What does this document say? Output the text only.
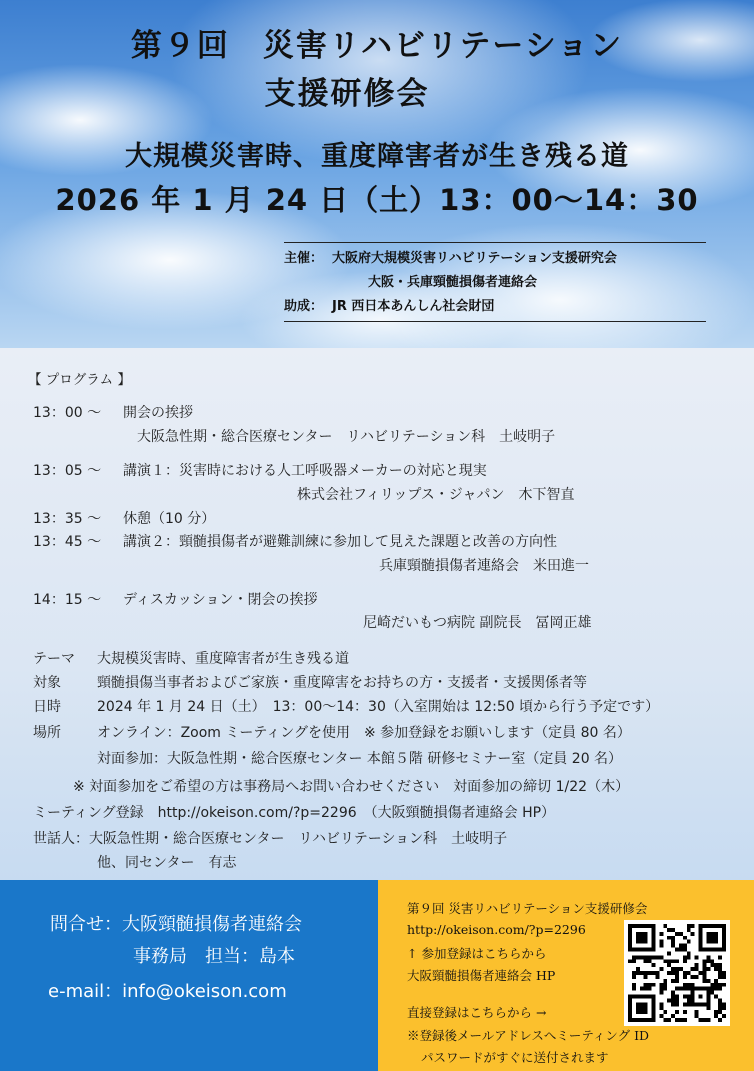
第９回　災害リハビリテーション
支援研修会
大規模災害時、重度障害者が生き残る道
2026 年 1 月 24 日（土）13：00～14：30
主催： 大阪府大規模災害リハビリテーション支援研究会
大阪・兵庫頸髄損傷者連絡会
助成： JR 西日本あんしん社会財団
【 プログラム 】
13：00 ～ 開会の挨拶
大阪急性期・総合医療センター　リハビリテーション科　土岐明子
13：05 ～ 講演１：災害時における人工呼吸器メーカーの対応と現実
株式会社フィリップス・ジャパン　木下智直
13：35 ～ 休憩（10 分）
13：45 ～ 講演２：頸髄損傷者が避難訓練に参加して見えた課題と改善の方向性
兵庫頸髄損傷者連絡会　米田進一
14：15 ～ ディスカッション・閉会の挨拶
尼崎だいもつ病院 副院長　冨岡正雄
テーマ 大規模災害時、重度障害者が生き残る道
対象	頸髄損傷当事者およびご家族・重度障害をお持ちの方・支援者・支援関係者等
日時	2024 年 1 月 24 日（土）　13：00～14：30（入室開始は 12:50 頃から行う予定です）
場所	オンライン：Zoom ミーティングを使用　※ 参加登録をお願いします（定員 80 名）
対面参加：大阪急性期・総合医療センター 本館５階 研修セミナー室（定員 20 名）
※ 対面参加をご希望の方は事務局へお問い合わせください　対面参加の締切 1/22（木）
ミーティング登録　http://okeison.com/?p=2296　（大阪頸髄損傷者連絡会 HP）
世話人：大阪急性期・総合医療センター　リハビリテーション科　土岐明子
他、同センター　有志
問合せ：大阪頸髄損傷者連絡会
事務局　担当：島本
e-mail：info@okeison.com
第９回 災害リハビリテーション支援研修会
http://okeison.com/?p=2296
↑ 参加登録はこちらから
大阪頸髄損傷者連絡会 HP
直接登録はこちらから →
※登録後メールアドレスへミーティング ID
パスワードがすぐに送付されます
